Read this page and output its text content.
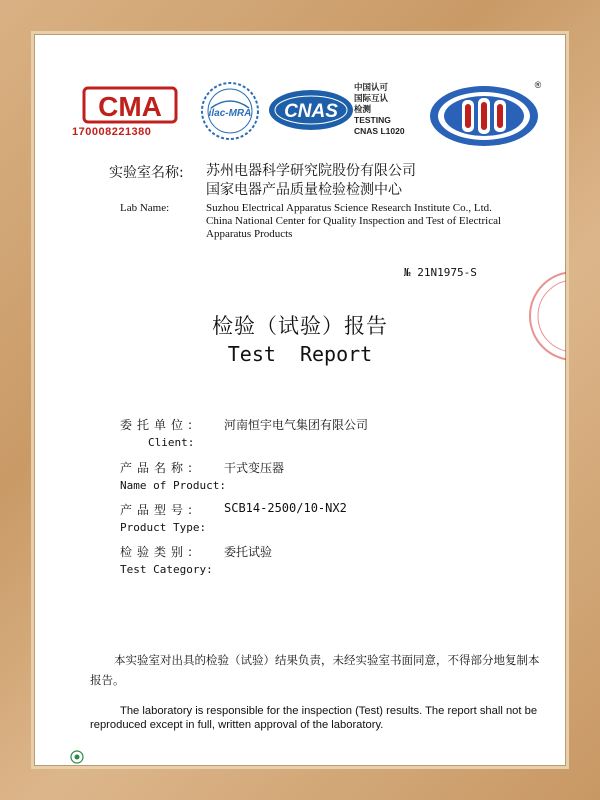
CMA
170008221380
ilac-MRA CNAS
中国认可
国际互认
检测
TESTING
CNAS L1020
®
实验室名称: 苏州电器科学研究院股份有限公司
国家电器产品质量检验检测中心
Lab Name:	Suzhou Electrical Apparatus Science Research Institute Co., Ltd.
China National Center for Quality Inspection and Test of Electrical
Apparatus Products
№ 21N1975-S
检验（试验）报告
Test Report
委托单位: 河南恒宇电气集团有限公司
Client:
产品名称: 干式变压器
Name of Product:
产品型号: SCB14-2500/10-NX2
Product Type:
检验类别: 委托试验
Test Category:
本实验室对出具的检验（试验）结果负责，未经实验室书面同意，不得部分地复制本报告。
The laboratory is responsible for the inspection (Test) results. The report shall not be reproduced except in full, written approval of the laboratory.
